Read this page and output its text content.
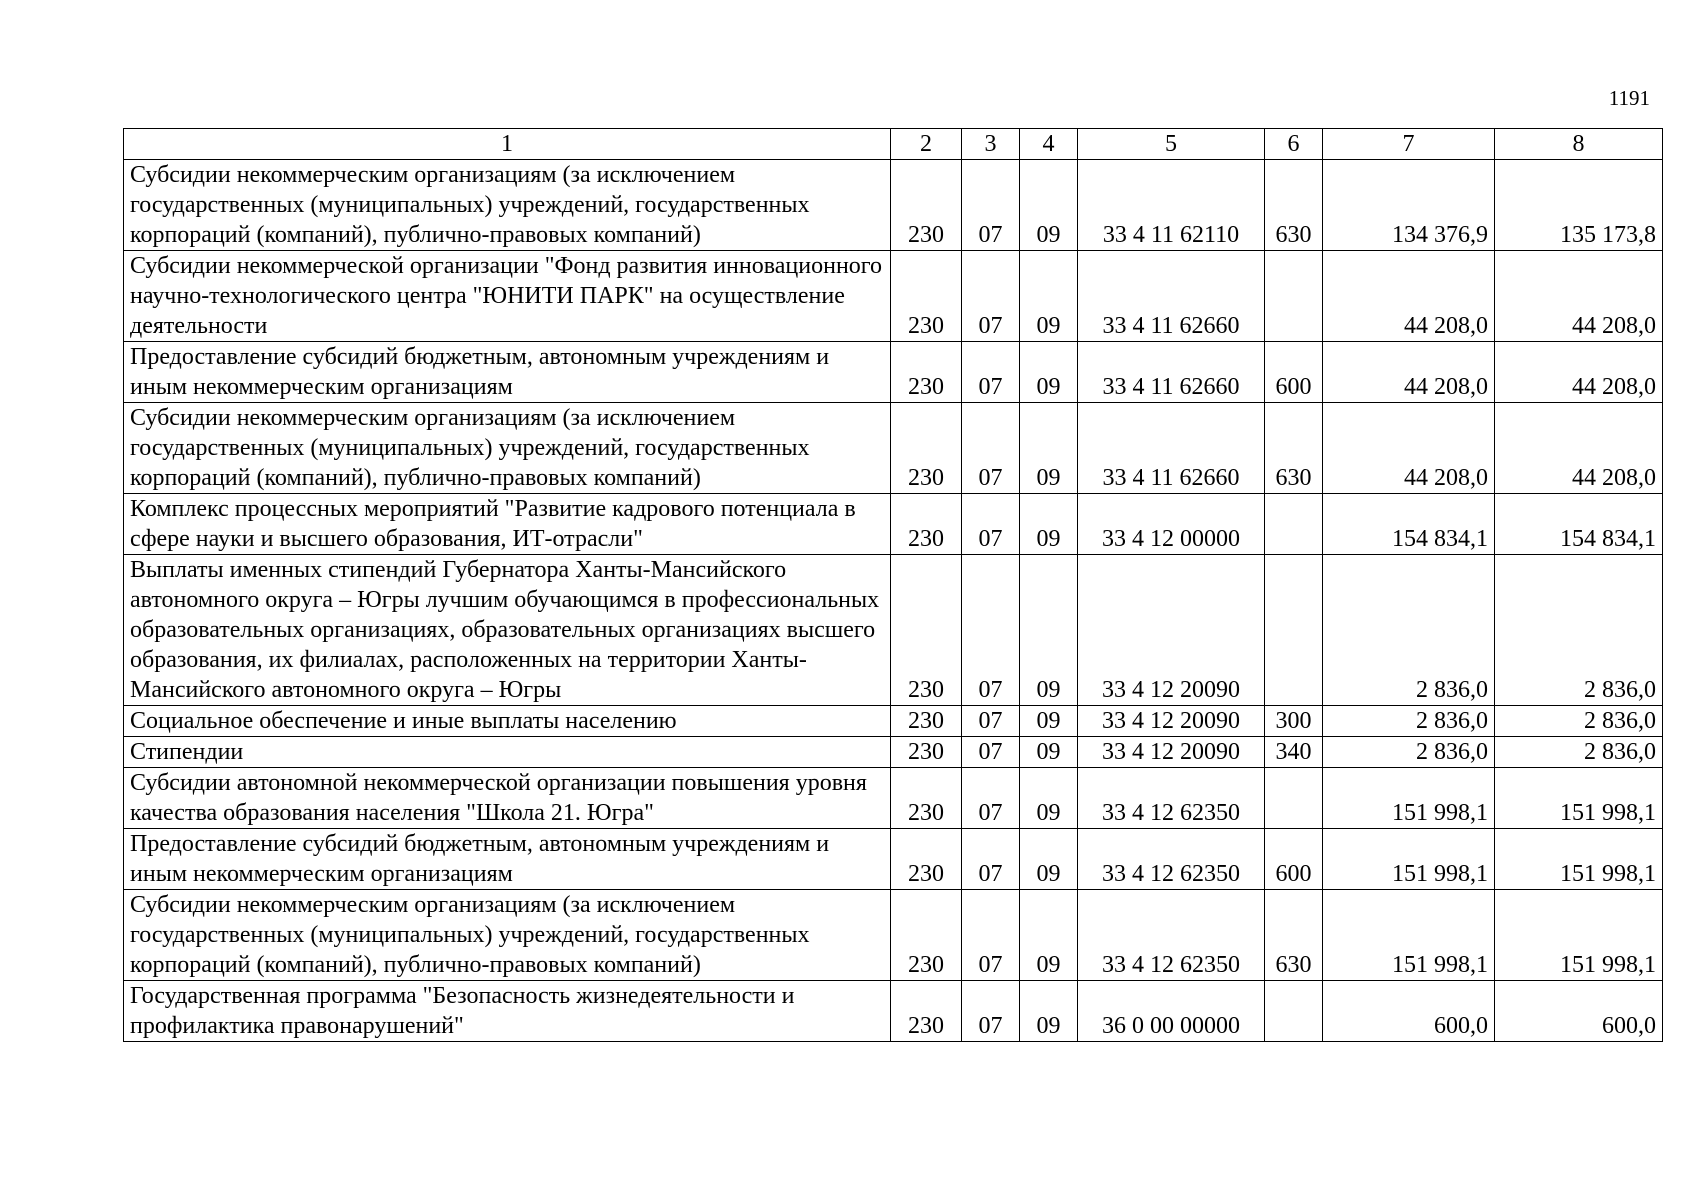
1191
1	2	3	4	5	6	7	8
Субсидии некоммерческим организациям (за исключением государственных (муниципальных) учреждений, государственных корпораций (компаний), публично-правовых компаний)	230	07	09	33 4 11 62110	630	134 376,9	135 173,8
Субсидии некоммерческой организации "Фонд развития инновационного научно-технологического центра "ЮНИТИ ПАРК" на осуществление деятельности	230	07	09	33 4 11 62660		44 208,0	44 208,0
Предоставление субсидий бюджетным, автономным учреждениям и иным некоммерческим организациям	230	07	09	33 4 11 62660	600	44 208,0	44 208,0
Субсидии некоммерческим организациям (за исключением государственных (муниципальных) учреждений, государственных корпораций (компаний), публично-правовых компаний)	230	07	09	33 4 11 62660	630	44 208,0	44 208,0
Комплекс процессных мероприятий "Развитие кадрового потенциала в сфере науки и высшего образования, ИТ-отрасли"	230	07	09	33 4 12 00000		154 834,1	154 834,1
Выплаты именных стипендий Губернатора Ханты-Мансийского автономного округа – Югры лучшим обучающимся в профессиональных образовательных организациях, образовательных организациях высшего образования, их филиалах, расположенных на территории Ханты-Мансийского автономного округа – Югры	230	07	09	33 4 12 20090		2 836,0	2 836,0
Социальное обеспечение и иные выплаты населению	230	07	09	33 4 12 20090	300	2 836,0	2 836,0
Стипендии	230	07	09	33 4 12 20090	340	2 836,0	2 836,0
Субсидии автономной некоммерческой организации повышения уровня качества образования населения "Школа 21. Югра"	230	07	09	33 4 12 62350		151 998,1	151 998,1
Предоставление субсидий бюджетным, автономным учреждениям и иным некоммерческим организациям	230	07	09	33 4 12 62350	600	151 998,1	151 998,1
Субсидии некоммерческим организациям (за исключением государственных (муниципальных) учреждений, государственных корпораций (компаний), публично-правовых компаний)	230	07	09	33 4 12 62350	630	151 998,1	151 998,1
Государственная программа "Безопасность жизнедеятельности и профилактика правонарушений"	230	07	09	36 0 00 00000		600,0	600,0
